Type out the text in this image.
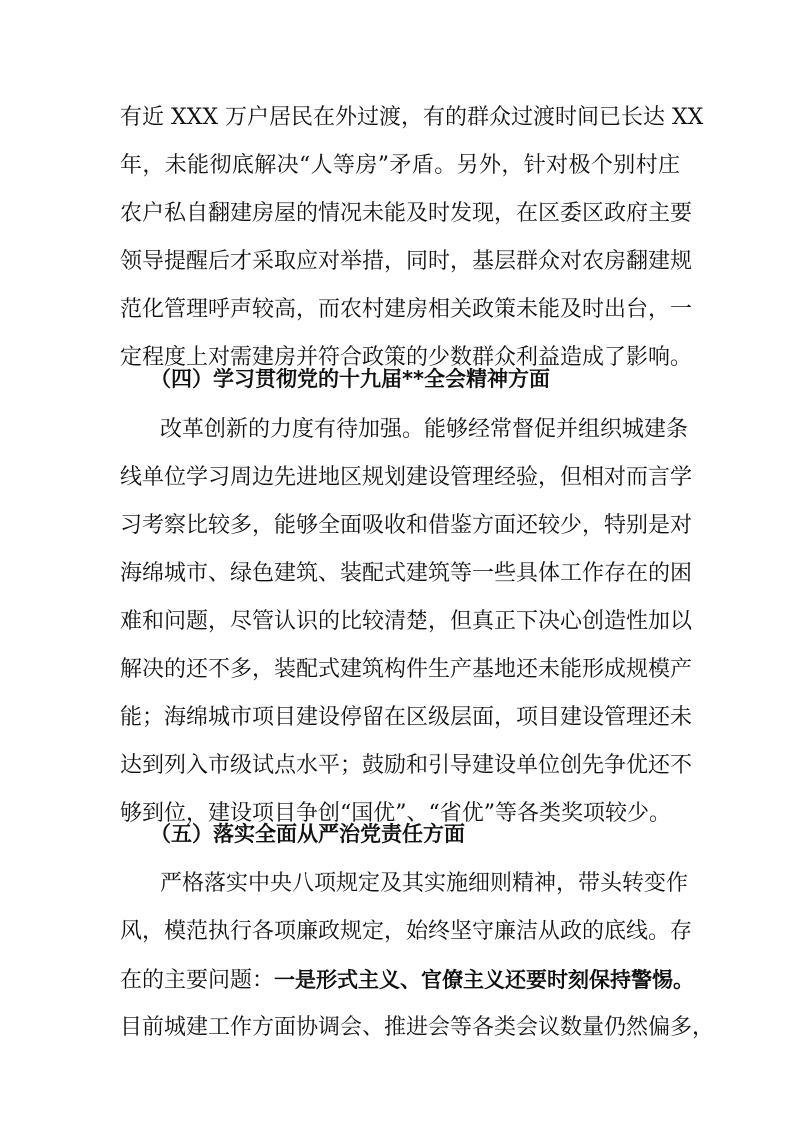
有近 XXX 万户居民在外过渡，有的群众过渡时间已长达 XX
年，未能彻底解决“人等房”矛盾。另外，针对极个别村庄
农户私自翻建房屋的情况未能及时发现，在区委区政府主要
领导提醒后才采取应对举措，同时，基层群众对农房翻建规
范化管理呼声较高，而农村建房相关政策未能及时出台，一
定程度上对需建房并符合政策的少数群众利益造成了影响。
（四）学习贯彻党的十九届**全会精神方面
改革创新的力度有待加强。能够经常督促并组织城建条
线单位学习周边先进地区规划建设管理经验，但相对而言学
习考察比较多，能够全面吸收和借鉴方面还较少，特别是对
海绵城市、绿色建筑、装配式建筑等一些具体工作存在的困
难和问题，尽管认识的比较清楚，但真正下决心创造性加以
解决的还不多，装配式建筑构件生产基地还未能形成规模产
能；海绵城市项目建设停留在区级层面，项目建设管理还未
达到列入市级试点水平；鼓励和引导建设单位创先争优还不
够到位，建设项目争创“国优”、“省优”等各类奖项较少。
（五）落实全面从严治党责任方面
严格落实中央八项规定及其实施细则精神，带头转变作
风，模范执行各项廉政规定，始终坚守廉洁从政的底线。存
在的主要问题：一是形式主义、官僚主义还要时刻保持警惕。
目前城建工作方面协调会、推进会等各类会议数量仍然偏多，
